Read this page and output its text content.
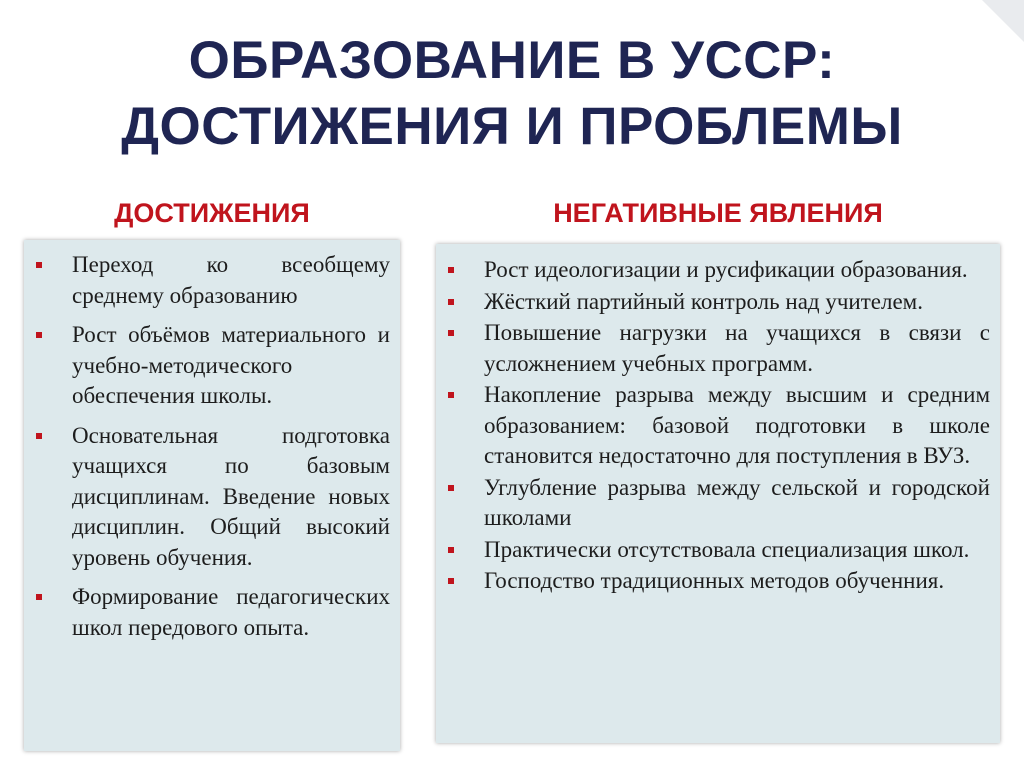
ОБРАЗОВАНИЕ В УССР:
ДОСТИЖЕНИЯ И ПРОБЛЕМЫ
ДОСТИЖЕНИЯ	НЕГАТИВНЫЕ ЯВЛЕНИЯ
Переход ко всеобщему среднему образованию
Рост объёмов материального и учебно-методического обеспечения школы.
Основательная подготовка учащихся по базовым дисциплинам. Введение новых дисциплин. Общий высокий уровень обучения.
Формирование педагогических школ передового опыта.
Рост идеологизации и русификации образования.
Жёсткий партийный контроль над учителем.
Повышение нагрузки на учащихся в связи с усложнением учебных программ.
Накопление разрыва между высшим и средним образованием: базовой подготовки в школе становится недостаточно для поступления в ВУЗ.
Углубление разрыва между сельской и городской школами
Практически отсутствовала специализация школ.
Господство традиционных методов обученния.
